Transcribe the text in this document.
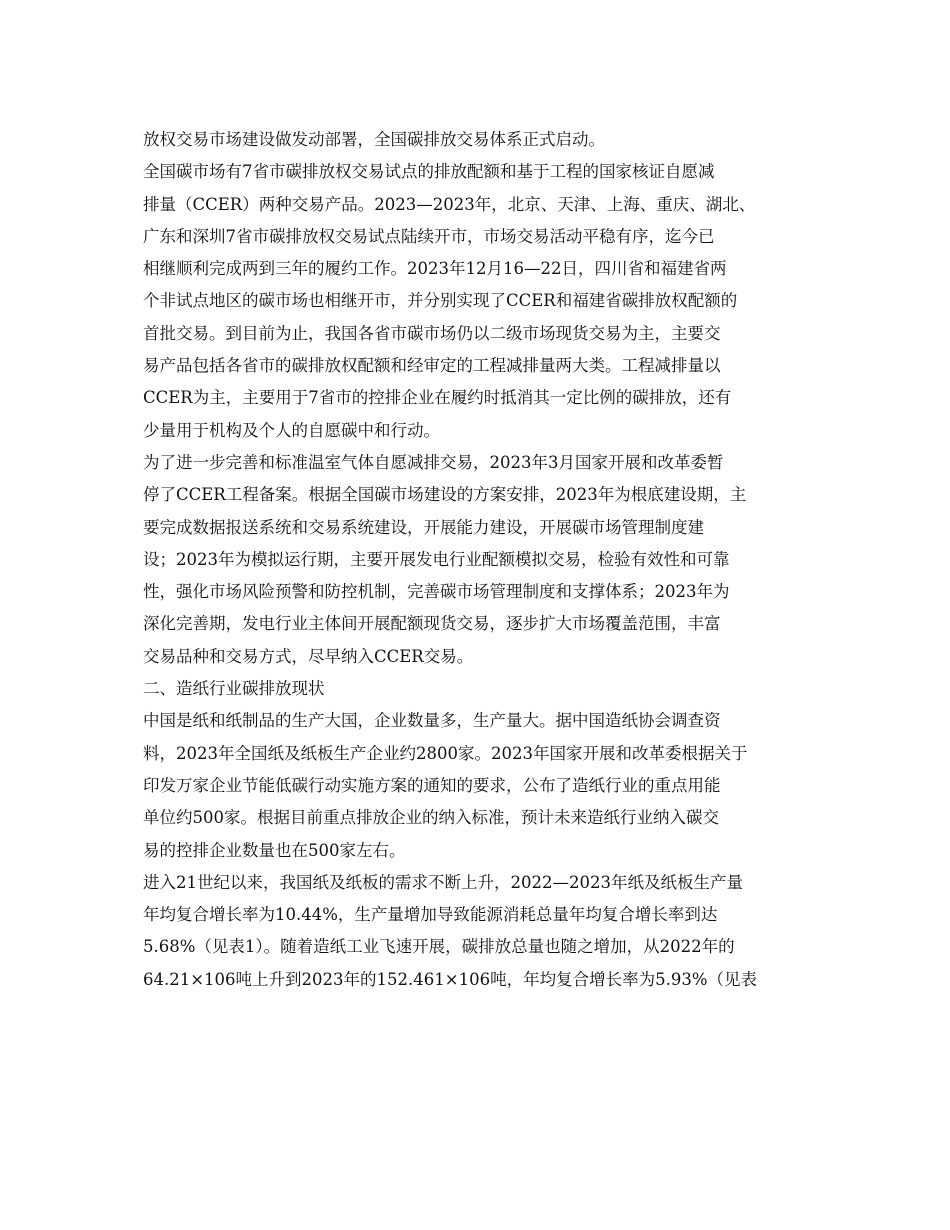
放权交易市场建设做发动部署，全国碳排放交易体系正式启动。
全国碳市场有7省市碳排放权交易试点的排放配额和基于工程的国家核证自愿减
排量（CCER）两种交易产品。2023—2023年，北京、天津、上海、重庆、湖北、
广东和深圳7省市碳排放权交易试点陆续开市，市场交易活动平稳有序，迄今已
相继顺利完成两到三年的履约工作。2023年12月16—22日，四川省和福建省两
个非试点地区的碳市场也相继开市，并分别实现了CCER和福建省碳排放权配额的
首批交易。到目前为止，我国各省市碳市场仍以二级市场现货交易为主，主要交
易产品包括各省市的碳排放权配额和经审定的工程减排量两大类。工程减排量以
CCER为主，主要用于7省市的控排企业在履约时抵消其一定比例的碳排放，还有
少量用于机构及个人的自愿碳中和行动。
为了进一步完善和标准温室气体自愿减排交易，2023年3月国家开展和改革委暂
停了CCER工程备案。根据全国碳市场建设的方案安排，2023年为根底建设期，主
要完成数据报送系统和交易系统建设，开展能力建设，开展碳市场管理制度建
设；2023年为模拟运行期，主要开展发电行业配额模拟交易，检验有效性和可靠
性，强化市场风险预警和防控机制，完善碳市场管理制度和支撑体系；2023年为
深化完善期，发电行业主体间开展配额现货交易，逐步扩大市场覆盖范围，丰富
交易品种和交易方式，尽早纳入CCER交易。
二、造纸行业碳排放现状
中国是纸和纸制品的生产大国，企业数量多，生产量大。据中国造纸协会调查资
料，2023年全国纸及纸板生产企业约2800家。2023年国家开展和改革委根据关于
印发万家企业节能低碳行动实施方案的通知的要求，公布了造纸行业的重点用能
单位约500家。根据目前重点排放企业的纳入标准，预计未来造纸行业纳入碳交
易的控排企业数量也在500家左右。
进入21世纪以来，我国纸及纸板的需求不断上升，2022—2023年纸及纸板生产量
年均复合增长率为10.44%，生产量增加导致能源消耗总量年均复合增长率到达
5.68%（见表1）。随着造纸工业飞速开展，碳排放总量也随之增加，从2022年的
64.21×106吨上升到2023年的152.461×106吨，年均复合增长率为5.93%（见表
